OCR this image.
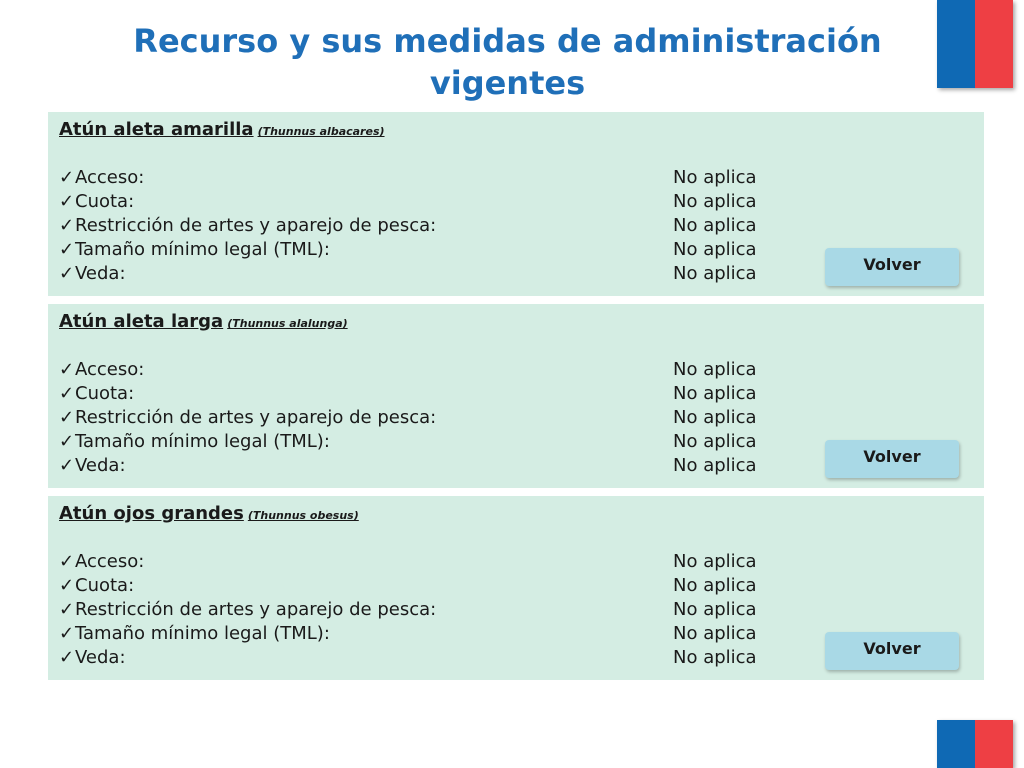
Recurso y sus medidas de administración
vigentes
Atún aleta amarilla (Thunnus albacares)
✓Acceso:	No aplica
✓Cuota:	No aplica
✓Restricción de artes y aparejo de pesca:	No aplica
✓Tamaño mínimo legal (TML):	No aplica
✓Veda:	No aplica	Volver
Atún aleta larga (Thunnus alalunga)
✓Acceso:	No aplica
✓Cuota:	No aplica
✓Restricción de artes y aparejo de pesca:	No aplica
✓Tamaño mínimo legal (TML):	No aplica
✓Veda:	No aplica	Volver
Atún ojos grandes (Thunnus obesus)
✓Acceso:	No aplica
✓Cuota:	No aplica
✓Restricción de artes y aparejo de pesca:	No aplica
✓Tamaño mínimo legal (TML):	No aplica
✓Veda:	No aplica	Volver
